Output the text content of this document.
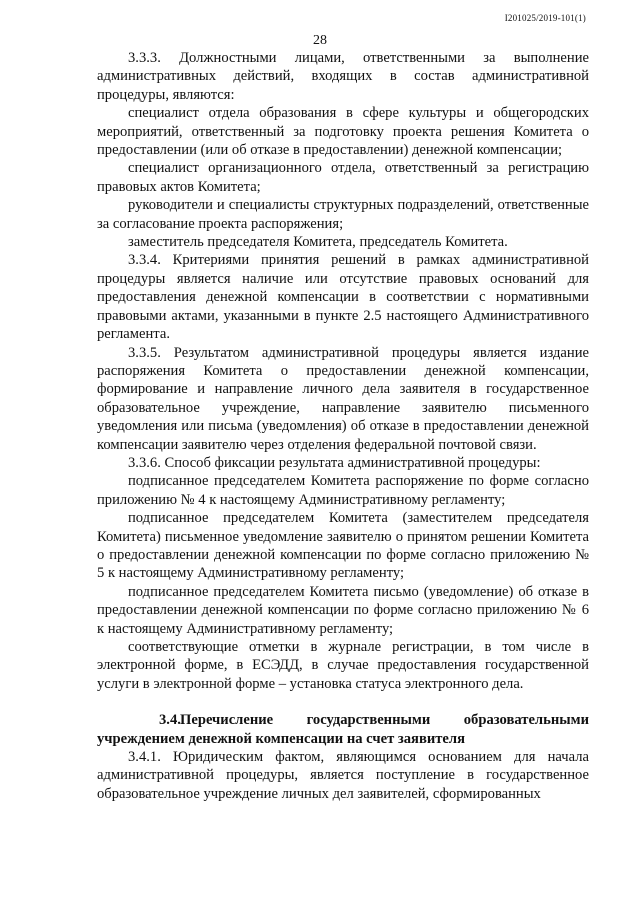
I201025/2019-101(1)
28

3.3.3. Должностными лицами, ответственными за выполнение административных действий, входящих в состав административной процедуры, являются:

специалист отдела образования в сфере культуры и общегородских мероприятий, ответственный за подготовку проекта решения Комитета о предоставлении (или об отказе в предоставлении) денежной компенсации;

специалист организационного отдела, ответственный за регистрацию правовых актов Комитета;

руководители и специалисты структурных подразделений, ответственные за согласование проекта распоряжения;

заместитель председателя Комитета, председатель Комитета.

3.3.4. Критериями принятия решений в рамках административной процедуры является наличие или отсутствие правовых оснований для предоставления денежной компенсации в соответствии с нормативными правовыми актами, указанными в пункте 2.5 настоящего Административного регламента.

3.3.5. Результатом административной процедуры является издание распоряжения Комитета о предоставлении денежной компенсации, формирование и направление личного дела заявителя в государственное образовательное учреждение, направление заявителю письменного уведомления или письма (уведомления) об отказе в предоставлении денежной компенсации заявителю через отделения федеральной почтовой связи.

3.3.6. Способ фиксации результата административной процедуры:

подписанное председателем Комитета распоряжение по форме согласно приложению № 4 к настоящему Административному регламенту;

подписанное председателем Комитета (заместителем председателя Комитета) письменное уведомление заявителю о принятом решении Комитета о предоставлении денежной компенсации по форме согласно приложению № 5 к настоящему Административному регламенту;

подписанное председателем Комитета письмо (уведомление) об отказе в предоставлении денежной компенсации по форме согласно приложению № 6 к настоящему Административному регламенту;

соответствующие отметки в журнале регистрации, в том числе в электронной форме, в ЕСЭДД, в случае предоставления государственной услуги в электронной форме – установка статуса электронного дела.

3.4.Перечисление государственными образовательными учреждением денежной компенсации на счет заявителя

3.4.1. Юридическим фактом, являющимся основанием для начала административной процедуры, является поступление в государственное образовательное учреждение личных дел заявителей, сформированных
